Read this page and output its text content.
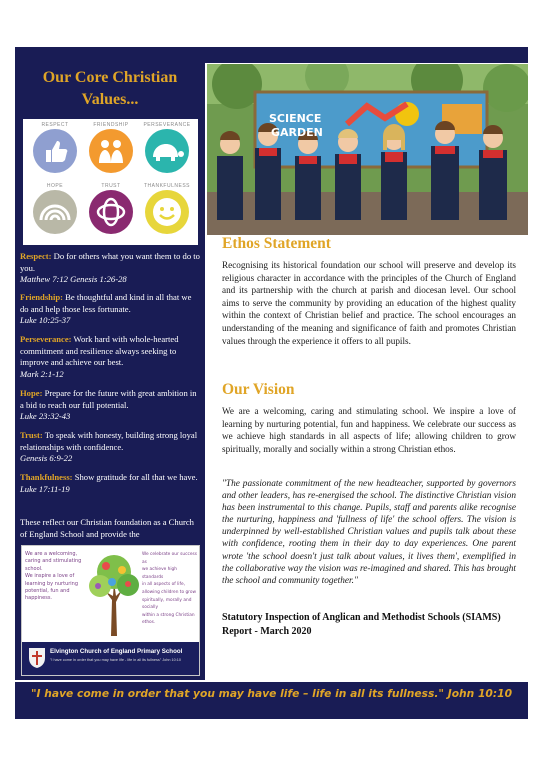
Our Core Christian
Values...
RESPECT	FRIENDSHIP	PERSEVERANCE
HOPE	TRUST	THANKFULNESS
Respect: Do for others what you want them to do to you.
Matthew 7:12 Genesis 1:26-28
Friendship: Be thoughtful and kind in all that we do and help those less fortunate.
Luke 10:25-37
Perseverance: Work hard with whole-hearted commitment and resilience always seeking to improve and achieve our best.
Mark 2:1-12
Hope: Prepare for the future with great ambition in a bid to reach our full potential.
Luke 23:32-43
Trust: To speak with honesty, building strong loyal relationships with confidence.
Genesis 6:9-22
Thankfulness: Show gratitude for all that we have.
Luke 17:11-19
These reflect our Christian foundation as a Church of England School and provide the
We are a welcoming,
caring and stimulating
school.
We inspire a love of
learning by nurturing
potential, fun and
happiness.
We celebrate our success as
we achieve high standards
in all aspects of life,
allowing children to grow
spiritually, morally and socially
within a strong Christian ethos.
Elvington Church of England Primary School
"I have come in order that you may have life - life in all its fullness" John 10:10
SCIENCE
GARDEN
Ethos Statement
Recognising its historical foundation our school will preserve and develop its religious character in accordance with the principles of the Church of England and its partnership with the church at parish and diocesan level. Our school aims to serve the community by providing an education of the highest quality within the context of Christian belief and practice. The school encourages an understanding of the meaning and significance of faith and promotes Christian values through the experience it offers to all pupils.
Our Vision
We are a welcoming, caring and stimulating school. We inspire a love of learning by nurturing potential, fun and happiness. We celebrate our success as we achieve high standards in all aspects of life; allowing children to grow spiritually, morally and socially within a strong Christian ethos.
"The passionate commitment of the new headteacher, supported by governors and other leaders, has re-energised the school. The distinctive Christian vision has been instrumental to this change. Pupils, staff and parents alike recognise the nurturing, happiness and 'fullness of life' the school offers. The vision is underpinned by well-established Christian values and pupils talk about these with confidence, rooting them in their day to day experiences. One parent wrote 'the school doesn't just talk about values, it lives them', exemplified in the collaborative way the vision was re-imagined and shared. This has brought the school and community together."
Statutory Inspection of Anglican and Methodist Schools (SIAMS) Report - March 2020
"I have come in order that you may have life – life in all its fullness." John 10:10
